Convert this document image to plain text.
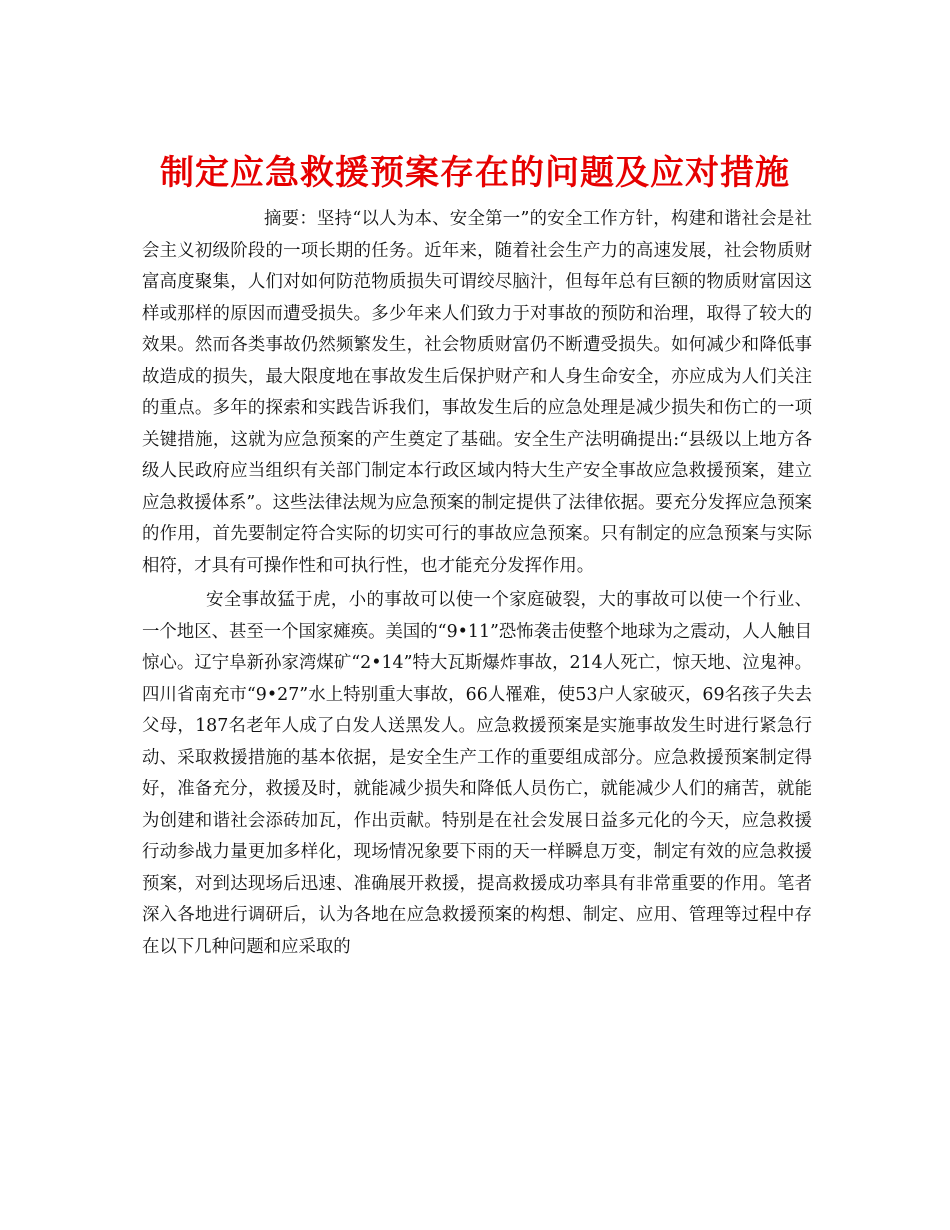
制定应急救援预案存在的问题及应对措施

摘要：坚持“以人为本、安全第一”的安全工作方针，构建和谐社会是社会主义初级阶段的一项长期的任务。近年来，随着社会生产力的高速发展，社会物质财富高度聚集，人们对如何防范物质损失可谓绞尽脑汁，但每年总有巨额的物质财富因这样或那样的原因而遭受损失。多少年来人们致力于对事故的预防和治理，取得了较大的效果。然而各类事故仍然频繁发生，社会物质财富仍不断遭受损失。如何减少和降低事故造成的损失，最大限度地在事故发生后保护财产和人身生命安全，亦应成为人们关注的重点。多年的探索和实践告诉我们，事故发生后的应急处理是减少损失和伤亡的一项关键措施，这就为应急预案的产生奠定了基础。安全生产法明确提出:“县级以上地方各级人民政府应当组织有关部门制定本行政区域内特大生产安全事故应急救援预案，建立应急救援体系”。这些法律法规为应急预案的制定提供了法律依据。要充分发挥应急预案的作用，首先要制定符合实际的切实可行的事故应急预案。只有制定的应急预案与实际相符，才具有可操作性和可执行性，也才能充分发挥作用。

安全事故猛于虎，小的事故可以使一个家庭破裂，大的事故可以使一个行业、一个地区、甚至一个国家瘫痪。美国的“9•11”恐怖袭击使整个地球为之震动，人人触目惊心。辽宁阜新孙家湾煤矿“2•14”特大瓦斯爆炸事故，214人死亡，惊天地、泣鬼神。四川省南充市“9•27”水上特别重大事故，66人罹难，使53户人家破灭，69名孩子失去父母，187名老年人成了白发人送黑发人。应急救援预案是实施事故发生时进行紧急行动、采取救援措施的基本依据，是安全生产工作的重要组成部分。应急救援预案制定得好，准备充分，救援及时，就能减少损失和降低人员伤亡，就能减少人们的痛苦，就能为创建和谐社会添砖加瓦，作出贡献。特别是在社会发展日益多元化的今天，应急救援行动参战力量更加多样化，现场情况象要下雨的天一样瞬息万变，制定有效的应急救援预案，对到达现场后迅速、准确展开救援，提高救援成功率具有非常重要的作用。笔者深入各地进行调研后，认为各地在应急救援预案的构想、制定、应用、管理等过程中存在以下几种问题和应采取的
